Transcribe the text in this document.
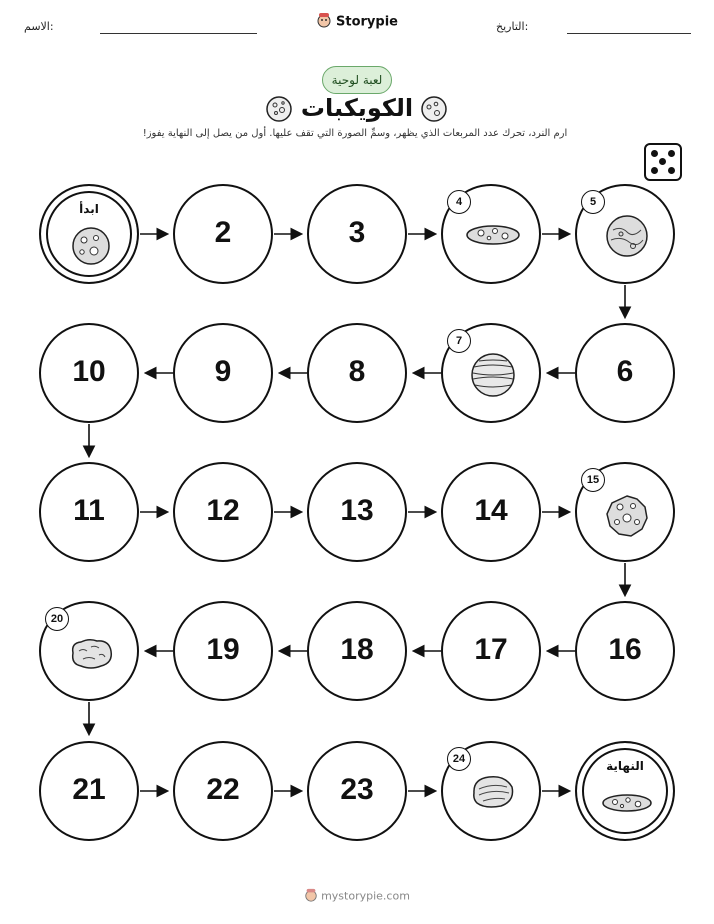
الاسم:	التاريخ:
Storypie
لعبة لوحية
الكويكبات
ارم النرد، تحرك عدد المربعات الذي يظهر، وسمِّ الصورة التي تقف عليها. أول من يصل إلى النهاية يفوز!
ابدأ
2	3
4	5
10	9	8
7
6
11	12	13	14
15
20
19	18	17	16
21	22	23
24	النهاية
mystorypie.com
